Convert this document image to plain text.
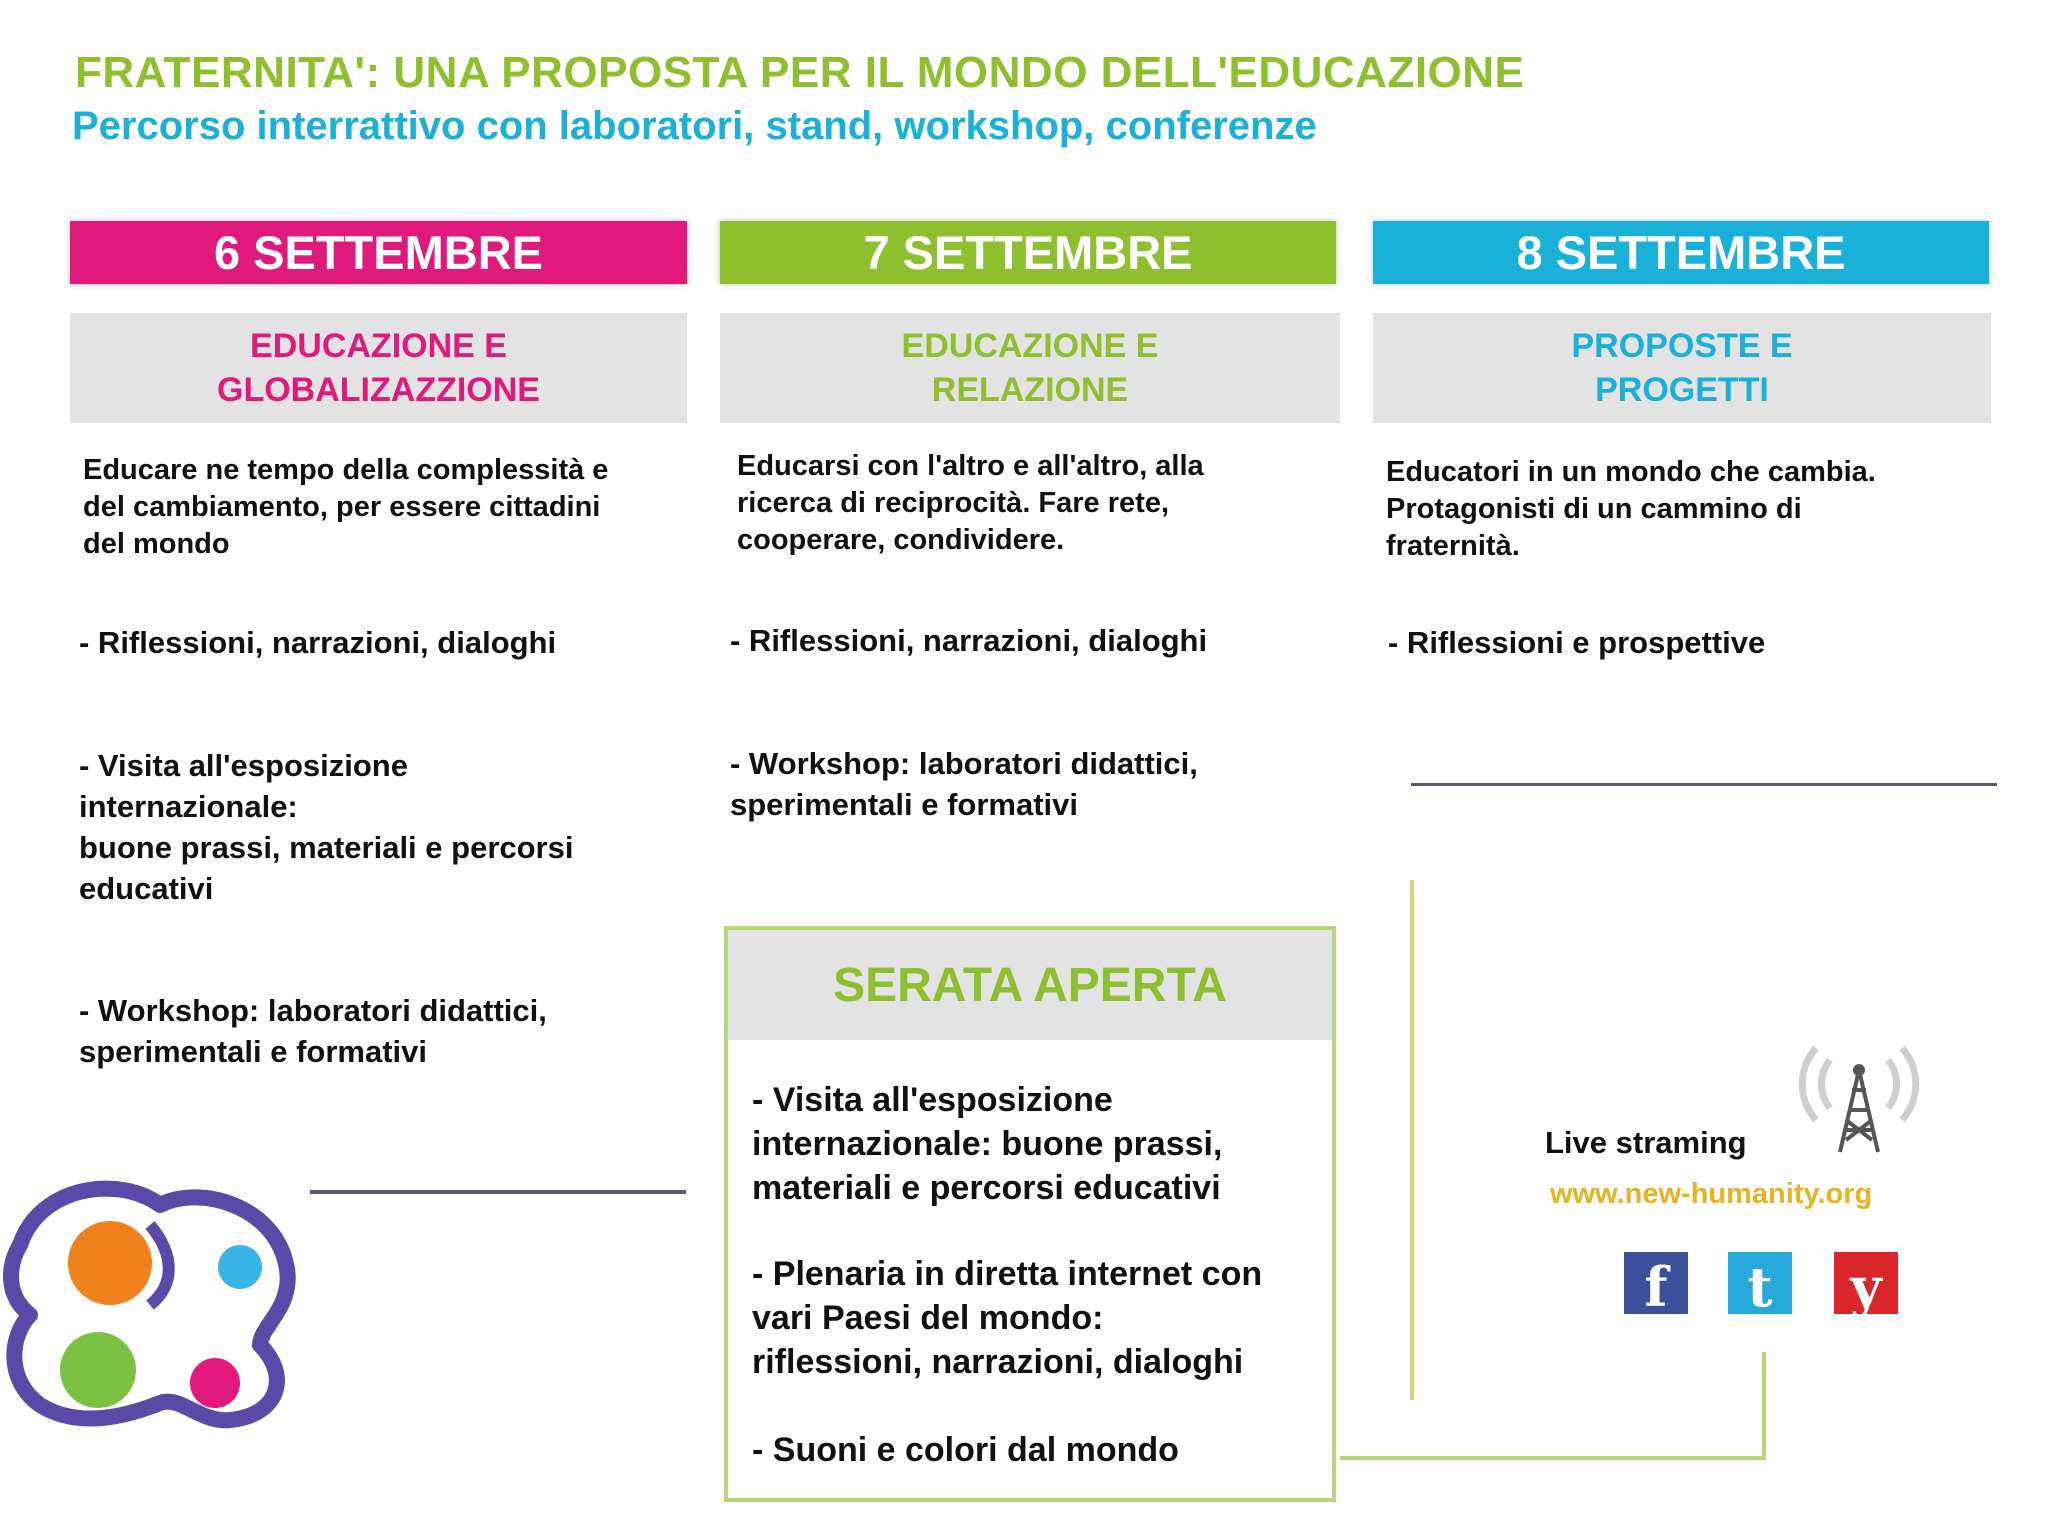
FRATERNITA': UNA PROPOSTA PER IL MONDO DELL'EDUCAZIONE
Percorso interrattivo con laboratori, stand, workshop, conferenze
6 SETTEMBRE
EDUCAZIONE E
GLOBALIZAZZIONE
Educare ne tempo della complessità e
del cambiamento, per essere cittadini
del mondo
- Riflessioni, narrazioni, dialoghi
- Visita all'esposizione
internazionale:
buone prassi, materiali e percorsi
educativi
- Workshop: laboratori didattici,
sperimentali e formativi
7 SETTEMBRE
EDUCAZIONE E
RELAZIONE
Educarsi con l'altro e all'altro, alla
ricerca di reciprocità. Fare rete,
cooperare, condividere.
- Riflessioni, narrazioni, dialoghi
- Workshop: laboratori didattici,
sperimentali e formativi
8 SETTEMBRE
PROPOSTE E
PROGETTI
Educatori in un mondo che cambia.
Protagonisti di un cammino di
fraternità.
- Riflessioni e prospettive
SERATA APERTA
- Visita all'esposizione
internazionale: buone prassi,
materiali e percorsi educativi
- Plenaria in diretta internet con
vari Paesi del mondo:
riflessioni, narrazioni, dialoghi
- Suoni e colori dal mondo
Live straming
www.new-humanity.org
f	t	y
